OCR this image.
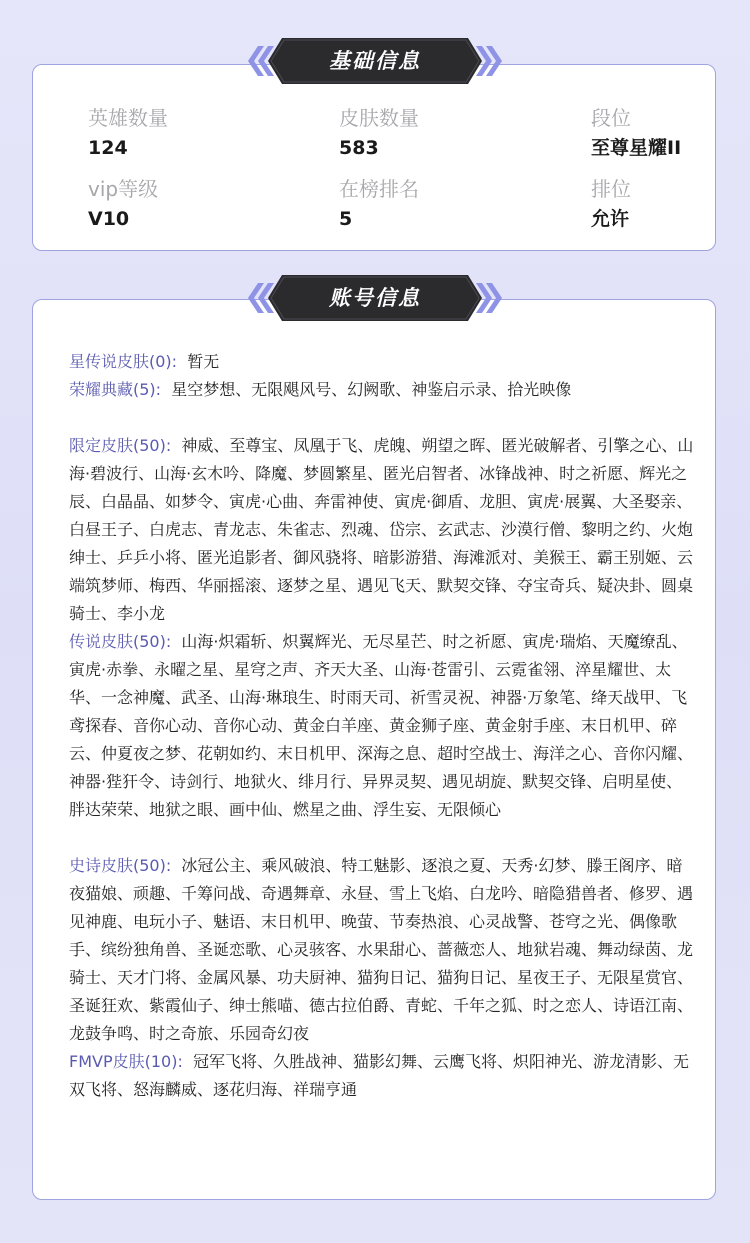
英雄数量
124
皮肤数量
583
段位
至尊星耀II
vip等级
V10
在榜排名
5
排位
允许
基础信息

星传说皮肤(0): 暂无

荣耀典藏(5): 星空梦想、无限飓风号、幻阙歌、神鉴启示录、拾光映像

限定皮肤(50): 神威、至尊宝、凤凰于飞、虎魄、朔望之晖、匿光破解者、引擎之心、山海·碧波行、山海·玄木吟、降魔、梦圆繁星、匿光启智者、冰锋战神、时之祈愿、辉光之辰、白晶晶、如梦令、寅虎·心曲、奔雷神使、寅虎·御盾、龙胆、寅虎·展翼、大圣娶亲、白昼王子、白虎志、青龙志、朱雀志、烈魂、岱宗、玄武志、沙漠行僧、黎明之约、火炮绅士、乒乒小将、匿光追影者、御风骁将、暗影游猎、海滩派对、美猴王、霸王别姬、云端筑梦师、梅西、华丽摇滚、逐梦之星、遇见飞天、默契交锋、夺宝奇兵、疑决卦、圆桌骑士、李小龙

传说皮肤(50): 山海·炽霜斩、炽翼辉光、无尽星芒、时之祈愿、寅虎·瑞焰、天魔缭乱、寅虎·赤拳、永曜之星、星穹之声、齐天大圣、山海·苍雷引、云霓雀翎、淬星耀世、太华、一念神魔、武圣、山海·琳琅生、时雨天司、祈雪灵祝、神器·万象笔、绛天战甲、飞鸢探春、音你心动、音你心动、黄金白羊座、黄金狮子座、黄金射手座、末日机甲、碎云、仲夏夜之梦、花朝如约、末日机甲、深海之息、超时空战士、海洋之心、音你闪耀、神器·狴犴令、诗剑行、地狱火、绯月行、异界灵契、遇见胡旋、默契交锋、启明星使、胖达荣荣、地狱之眼、画中仙、燃星之曲、浮生妄、无限倾心

史诗皮肤(50): 冰冠公主、乘风破浪、特工魅影、逐浪之夏、天秀·幻梦、滕王阁序、暗夜猫娘、顽趣、千筹问战、奇遇舞章、永昼、雪上飞焰、白龙吟、暗隐猎兽者、修罗、遇见神鹿、电玩小子、魅语、末日机甲、晚萤、节奏热浪、心灵战警、苍穹之光、偶像歌手、缤纷独角兽、圣诞恋歌、心灵骇客、水果甜心、蔷薇恋人、地狱岩魂、舞动绿茵、龙骑士、天才门将、金属风暴、功夫厨神、猫狗日记、猫狗日记、星夜王子、无限星赏官、圣诞狂欢、紫霞仙子、绅士熊喵、德古拉伯爵、青蛇、千年之狐、时之恋人、诗语江南、龙鼓争鸣、时之奇旅、乐园奇幻夜

FMVP皮肤(10): 冠军飞将、久胜战神、猫影幻舞、云鹰飞将、炽阳神光、游龙清影、无双飞将、怒海麟威、逐花归海、祥瑞亨通

账号信息
